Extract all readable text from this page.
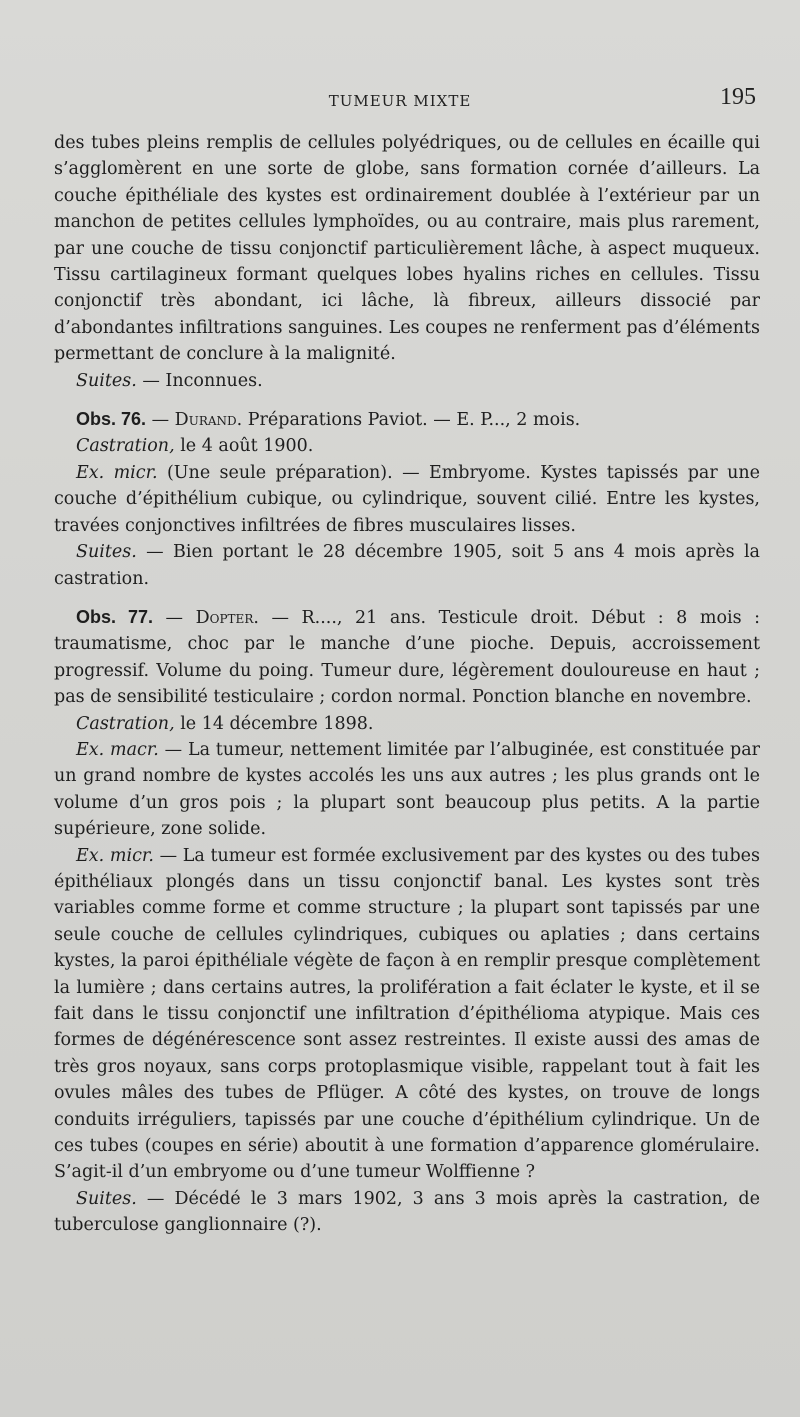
TUMEUR MIXTE	195

des tubes pleins remplis de cellules polyédriques, ou de cellules en écaille qui s’agglomèrent en une sorte de globe, sans formation cornée d’ailleurs. La couche épithéliale des kystes est ordinairement doublée à l’extérieur par un manchon de petites cellules lymphoïdes, ou au contraire, mais plus rarement, par une couche de tissu conjonctif particulièrement lâche, à aspect muqueux. Tissu cartilagineux formant quelques lobes hyalins riches en cellules. Tissu conjonctif très abondant, ici lâche, là fibreux, ailleurs dissocié par d’abondantes infiltrations sanguines. Les coupes ne renferment pas d’éléments permettant de conclure à la malignité.

Suites. — Inconnues.

Obs. 76. — Durand. Préparations Paviot. — E. P..., 2 mois.

Castration, le 4 août 1900.

Ex. micr. (Une seule préparation). — Embryome. Kystes tapissés par une couche d’épithélium cubique, ou cylindrique, souvent cilié. Entre les kystes, travées conjonctives infiltrées de fibres musculaires lisses.

Suites. — Bien portant le 28 décembre 1905, soit 5 ans 4 mois après la castration.

Obs. 77. — Dopter. — R...., 21 ans. Testicule droit. Début : 8 mois : traumatisme, choc par le manche d’une pioche. Depuis, accroissement progressif. Volume du poing. Tumeur dure, légèrement douloureuse en haut ; pas de sensibilité testiculaire ; cordon normal. Ponction blanche en novembre.

Castration, le 14 décembre 1898.

Ex. macr. — La tumeur, nettement limitée par l’albuginée, est constituée par un grand nombre de kystes accolés les uns aux autres ; les plus grands ont le volume d’un gros pois ; la plupart sont beaucoup plus petits. A la partie supérieure, zone solide.

Ex. micr. — La tumeur est formée exclusivement par des kystes ou des tubes épithéliaux plongés dans un tissu conjonctif banal. Les kystes sont très variables comme forme et comme structure ; la plupart sont tapissés par une seule couche de cellules cylindriques, cubiques ou aplaties ; dans certains kystes, la paroi épithéliale végète de façon à en remplir presque complètement la lumière ; dans certains autres, la prolifération a fait éclater le kyste, et il se fait dans le tissu conjonctif une infiltration d’épithélioma atypique. Mais ces formes de dégénérescence sont assez restreintes. Il existe aussi des amas de très gros noyaux, sans corps protoplasmique visible, rappelant tout à fait les ovules mâles des tubes de Pflüger. A côté des kystes, on trouve de longs conduits irréguliers, tapissés par une couche d’épithélium cylindrique. Un de ces tubes (coupes en série) aboutit à une formation d’apparence glomérulaire. S’agit-il d’un embryome ou d’une tumeur Wolffienne ?

Suites. — Décédé le 3 mars 1902, 3 ans 3 mois après la castration, de tuberculose ganglionnaire (?).
